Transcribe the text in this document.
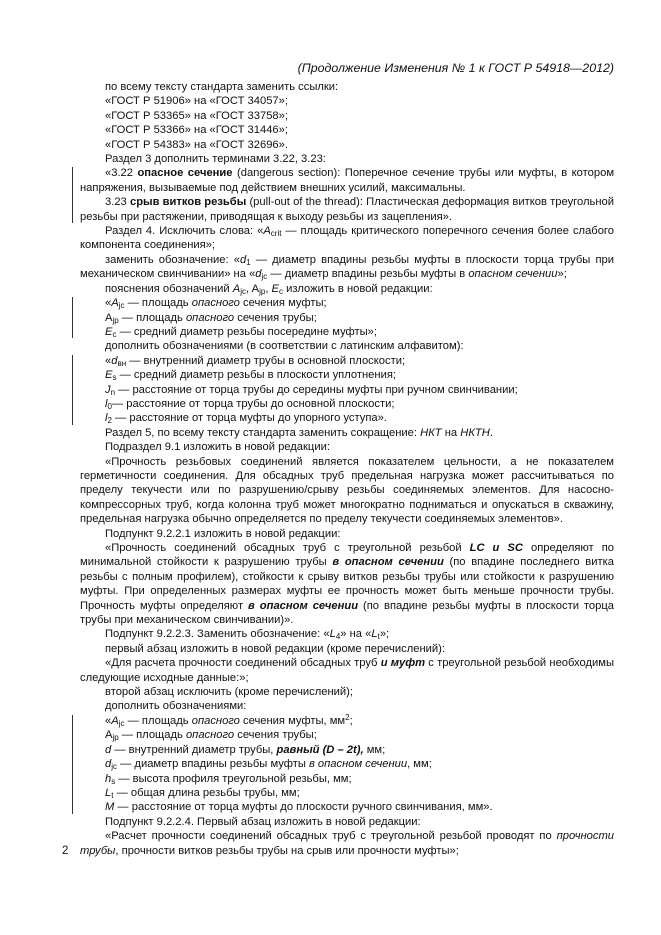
(Продолжение Изменения № 1 к ГОСТ Р 54918—2012)

по всему тексту стандарта заменить ссылки:

«ГОСТ Р 51906» на «ГОСТ 34057»;

«ГОСТ Р 53365» на «ГОСТ 33758»;

«ГОСТ Р 53366» на «ГОСТ 31446»;

«ГОСТ Р 54383» на «ГОСТ 32696».

Раздел 3 дополнить терминами 3.22, 3.23:

«3.22 опасное сечение (dangerous section): Поперечное сечение трубы или муфты, в котором напряжения, вызываемые под действием внешних усилий, максимальны.

3.23 срыв витков резьбы (pull-out of the thread): Пластическая деформация витков треугольной резьбы при растяжении, приводящая к выходу резьбы из зацепления».

Раздел 4. Исключить слова: «$A_{crit}$ — площадь критического поперечного сечения более слабого компонента соединения»;

заменить обозначение: «$d_1$ — диаметр впадины резьбы муфты в плоскости торца трубы при механическом свинчивании» на «$d_{jc}$ — диаметр впадины резьбы муфты в опасном сечении»;

пояснения обозначений $A_{jc}$, $A_{jp}$, $E_c$ изложить в новой редакции:

«$A_{jc}$ — площадь опасного сечения муфты;

$A_{jp}$ — площадь опасного сечения трубы;

$E_c$ — средний диаметр резьбы посередине муфты»;

дополнить обозначениями (в соответствии с латинским алфавитом):

«$d_{вн}$ — внутренний диаметр трубы в основной плоскости;

$E_s$ — средний диаметр резьбы в плоскости уплотнения;

$J_n$ — расстояние от торца трубы до середины муфты при ручном свинчивании;

$l_0—$ расстояние от торца трубы до основной плоскости;

$l_2$ — расстояние от торца муфты до упорного уступа».

Раздел 5, по всему тексту стандарта заменить сокращение: НКТ на НКТН.

Подраздел 9.1 изложить в новой редакции:

«Прочность резьбовых соединений является показателем цельности, а не показателем герметичности соединения. Для обсадных труб предельная нагрузка может рассчитываться по пределу текучести или по разрушению/срыву резьбы соединяемых элементов. Для насосно-компрессорных труб, когда колонна труб может многократно подниматься и опускаться в скважину, предельная нагрузка обычно определяется по пределу текучести соединяемых элементов».

Подпункт 9.2.2.1 изложить в новой редакции:

«Прочность соединений обсадных труб с треугольной резьбой LC и SC определяют по минимальной стойкости к разрушению трубы в опасном сечении (по впадине последнего витка резьбы с полным профилем), стойкости к срыву витков резьбы трубы или стойкости к разрушению муфты. При определенных размерах муфты ее прочность может быть меньше прочности трубы. Прочность муфты определяют в опасном сечении (по впадине резьбы муфты в плоскости торца трубы при механическом свинчивании)».

Подпункт 9.2.2.3. Заменить обозначение: «$L_4$» на «$L_t$»;

первый абзац изложить в новой редакции (кроме перечислений):

«Для расчета прочности соединений обсадных труб и муфт с треугольной резьбой необходимы следующие исходные данные:»;

второй абзац исключить (кроме перечислений);

дополнить обозначениями:

«$A_{jc}$ — площадь опасного сечения муфты, $мм^2$;

$A_{jp}$ — площадь опасного сечения трубы;

d — внутренний диаметр трубы, равный (D – 2t), мм;

$d_{jc}$ — диаметр впадины резьбы муфты в опасном сечении, мм;

$h_s$ — высота профиля треугольной резьбы, мм;

$L_t$ — общая длина резьбы трубы, мм;

M — расстояние от торца муфты до плоскости ручного свинчивания, мм».

Подпункт 9.2.2.4. Первый абзац изложить в новой редакции:

«Расчет прочности соединений обсадных труб с треугольной резьбой проводят по прочности трубы, прочности витков резьбы трубы на срыв или прочности муфты»;

2
